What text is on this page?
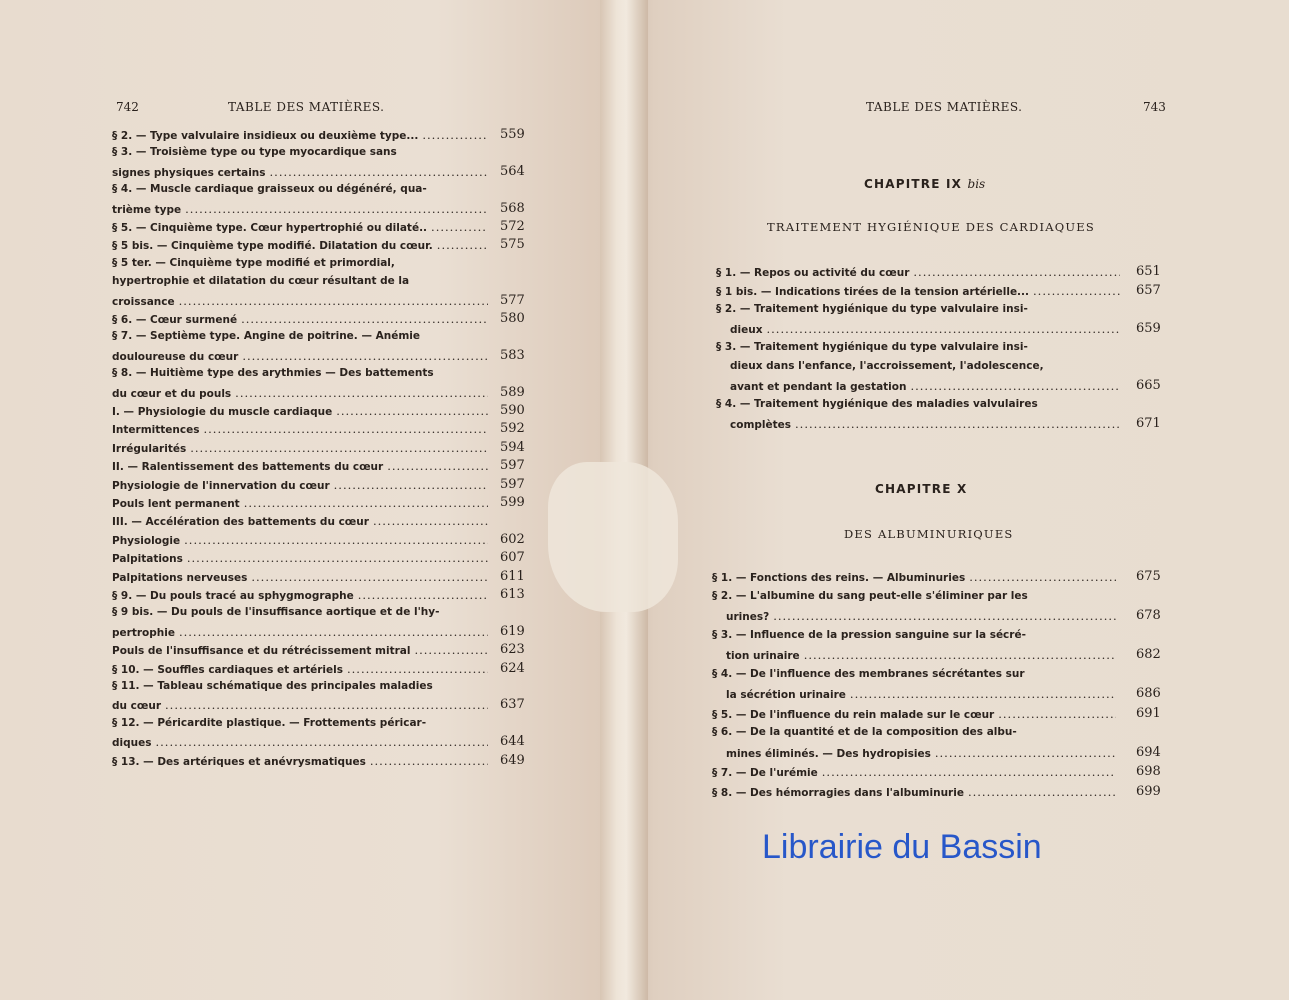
742	TABLE DES MATIÈRES.
§ 2. — Type valvulaire insidieux ou deuxième type... .....	559
§ 3. — Troisième type ou type myocardique sans
signes physiques certains .....	564
§ 4. — Muscle cardiaque graisseux ou dégénéré, qua-
trième type .....	568
§ 5. — Cinquième type. Cœur hypertrophié ou dilaté.. .....	572
§ 5 bis. — Cinquième type modifié. Dilatation du cœur. .....	575
§ 5 ter. — Cinquième type modifié et primordial,
hypertrophie et dilatation du cœur résultant de la
croissance .....	577
§ 6. — Cœur surmené .....	580
§ 7. — Septième type. Angine de poitrine. — Anémie
douloureuse du cœur .....	583
§ 8. — Huitième type des arythmies — Des battements
du cœur et du pouls .....	589
I. — Physiologie du muscle cardiaque .....	590
Intermittences .....	592
Irrégularités .....	594
II. — Ralentissement des battements du cœur .....	597
Physiologie de l'innervation du cœur .....	597
Pouls lent permanent .....	599
III. — Accélération des battements du cœur
.....
Physiologie .....	602
Palpitations .....	607
Palpitations nerveuses .....	611
§ 9. — Du pouls tracé au sphygmographe .....	613
§ 9 bis. — Du pouls de l'insuffisance aortique et de l'hy-
pertrophie .....	619
Pouls de l'insuffisance et du rétrécissement mitral .....	623
§ 10. — Souffles cardiaques et artériels .....	624
§ 11. — Tableau schématique des principales maladies
du cœur .....	637
§ 12. — Péricardite plastique. — Frottements péricar-
diques .....	644
§ 13. — Des artériques et anévrysmatiques .....	649
TABLE DES MATIÈRES.	743
CHAPITRE IX bis
TRAITEMENT HYGIÉNIQUE DES CARDIAQUES
§ 1. — Repos ou activité du cœur .....	651
§ 1 bis. — Indications tirées de la tension artérielle... .....	657
§ 2. — Traitement hygiénique du type valvulaire insi-
dieux .....	659
§ 3. — Traitement hygiénique du type valvulaire insi-
dieux dans l'enfance, l'accroissement, l'adolescence,
avant et pendant la gestation .....	665
§ 4. — Traitement hygiénique des maladies valvulaires
complètes .....	671
CHAPITRE X
DES ALBUMINURIQUES
§ 1. — Fonctions des reins. — Albuminuries .....	675
§ 2. — L'albumine du sang peut-elle s'éliminer par les
urines? .....	678
§ 3. — Influence de la pression sanguine sur la sécré-
tion urinaire .....	682
§ 4. — De l'influence des membranes sécrétantes sur
la sécrétion urinaire .....	686
§ 5. — De l'influence du rein malade sur le cœur .....	691
§ 6. — De la quantité et de la composition des albu-
mines éliminés. — Des hydropisies .....	694
§ 7. — De l'urémie .....	698
§ 8. — Des hémorragies dans l'albuminurie .....	699
Librairie du Bassin
